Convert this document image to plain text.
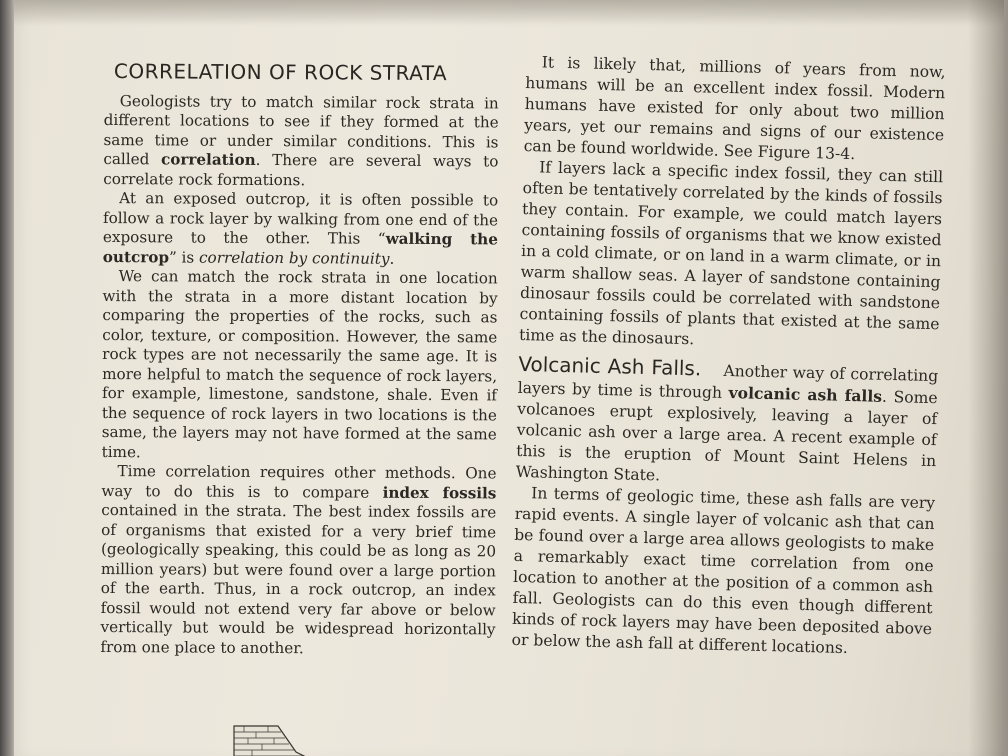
CORRELATION OF ROCK STRATA

Geologists try to match similar rock strata in different locations to see if they formed at the same time or under similar conditions. This is called correlation. There are several ways to correlate rock formations.

At an exposed outcrop, it is often possible to follow a rock layer by walking from one end of the exposure to the other. This “walking the outcrop” is correlation by continuity.

We can match the rock strata in one location with the strata in a more distant location by comparing the properties of the rocks, such as color, texture, or composition. However, the same rock types are not necessarily the same age. It is more helpful to match the sequence of rock layers, for example, limestone, sandstone, shale. Even if the sequence of rock layers in two locations is the same, the layers may not have formed at the same time.

Time correlation requires other methods. One way to do this is to compare index fossils contained in the strata. The best index fossils are of organisms that existed for a very brief time (geologically speaking, this could be as long as 20 million years) but were found over a large portion of the earth. Thus, in a rock outcrop, an index fossil would not extend very far above or below vertically but would be widespread horizontally from one place to another.

It is likely that, millions of years from now, humans will be an excellent index fossil. Modern humans have existed for only about two million years, yet our remains and signs of our existence can be found worldwide. See Figure 13-4.

If layers lack a specific index fossil, they can still often be tentatively correlated by the kinds of fossils they contain. For example, we could match layers containing fossils of organisms that we know existed in a cold climate, or on land in a warm climate, or in warm shallow seas. A layer of sandstone containing dinosaur fossils could be correlated with sandstone containing fossils of plants that existed at the same time as the dinosaurs.

Volcanic Ash Falls. Another way of correlating layers by time is through volcanic ash falls. Some volcanoes erupt explosively, leaving a layer of volcanic ash over a large area. A recent example of this is the eruption of Mount Saint Helens in Washington State.

In terms of geologic time, these ash falls are very rapid events. A single layer of volcanic ash that can be found over a large area allows geologists to make a remarkably exact time correlation from one location to another at the position of a common ash fall. Geologists can do this even though different kinds of rock layers may have been deposited above or below the ash fall at different locations.
